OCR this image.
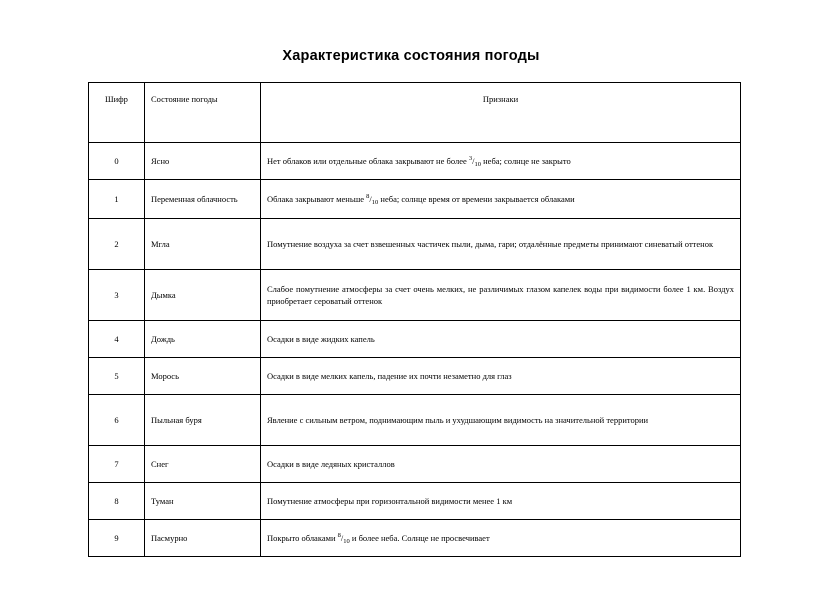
Характеристика состояния погоды
Шифр	Состояние погоды	Признаки
0	Ясно	Нет облаков или отдельные облака закрывают не более $^3/_{10}$ неба; солнце не закрыто
1	Переменная облачность	Облака закрывают меньше $^8/_{10}$ неба; солнце время от времени закрывается облаками
2	Мгла	Помутнение воздуха за счет взвешенных частичек пыли, дыма, гари; отдалённые предметы принимают синеватый оттенок
3	Дымка	Слабое помутнение атмосферы за счет очень мелких, не различимых глазом капелек воды при видимости более 1 км. Воздух приобретает сероватый оттенок
4	Дождь	Осадки в виде жидких капель
5	Морось	Осадки в виде мелких капель, падение их почти незаметно для глаз
6	Пыльная буря	Явление с сильным ветром, поднимающим пыль и ухудшающим видимость на значительной территории
7	Снег	Осадки в виде ледяных кристаллов
8	Туман	Помутнение атмосферы при горизонтальной видимости менее 1 км
9	Пасмурно	Покрыто облаками $^8/_{10}$ и более неба. Солнце не просвечивает
